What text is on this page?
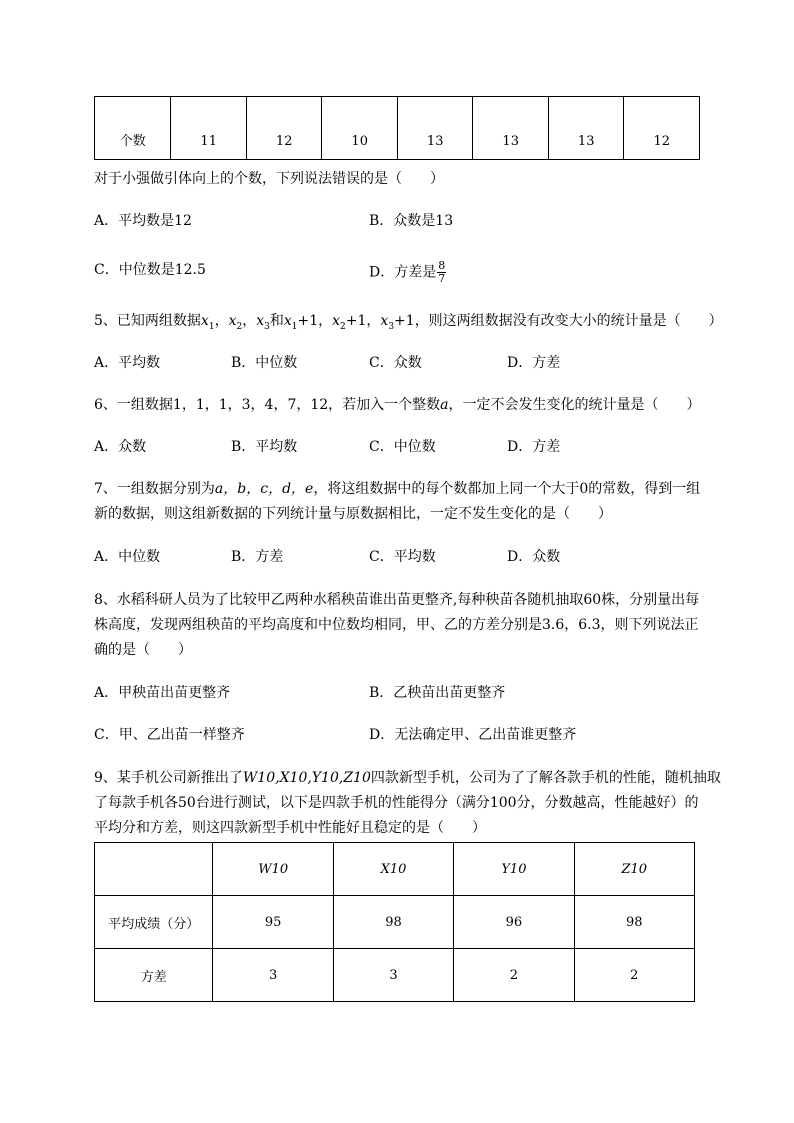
个数	11	12	10	13	13	13	12
对于小强做引体向上的个数，下列说法错误的是（　　）
A．平均数是12	B．众数是13
C．中位数是12.5	D．方差是 $\frac{8}{7}$
5、已知两组数据$x_1$，$x_2$，$x_3$和$x_1+1$，$x_2+1$，$x_3+1$，则这两组数据没有改变大小的统计量是（　　）
A．平均数	B．中位数	C．众数	D．方差
6、一组数据1，1，1，3，4，7，12，若加入一个整数a，一定不会发生变化的统计量是（　　）
A．众数	B．平均数	C．中位数	D．方差
7、一组数据分别为a，b，c，d，e，将这组数据中的每个数都加上同一个大于0的常数，得到一组
新的数据，则这组新数据的下列统计量与原数据相比，一定不发生变化的是（　　）
A．中位数	B．方差	C．平均数	D．众数
8、水稻科研人员为了比较甲乙两种水稻秧苗谁出苗更整齐,每种秧苗各随机抽取60株，分别量出每
株高度，发现两组秧苗的平均高度和中位数均相同，甲、乙的方差分别是3.6，6.3，则下列说法正
确的是（　　）
A．甲秧苗出苗更整齐	B．乙秧苗出苗更整齐
C．甲、乙出苗一样整齐	D．无法确定甲、乙出苗谁更整齐
9、某手机公司新推出了W10,X10,Y10,Z10四款新型手机，公司为了了解各款手机的性能，随机抽取
了每款手机各50台进行测试，以下是四款手机的性能得分（满分100分，分数越高，性能越好）的
平均分和方差，则这四款新型手机中性能好且稳定的是（　　）
	W10	X10	Y10	Z10
平均成绩（分）	95	98	96	98
方差	3	3	2	2
